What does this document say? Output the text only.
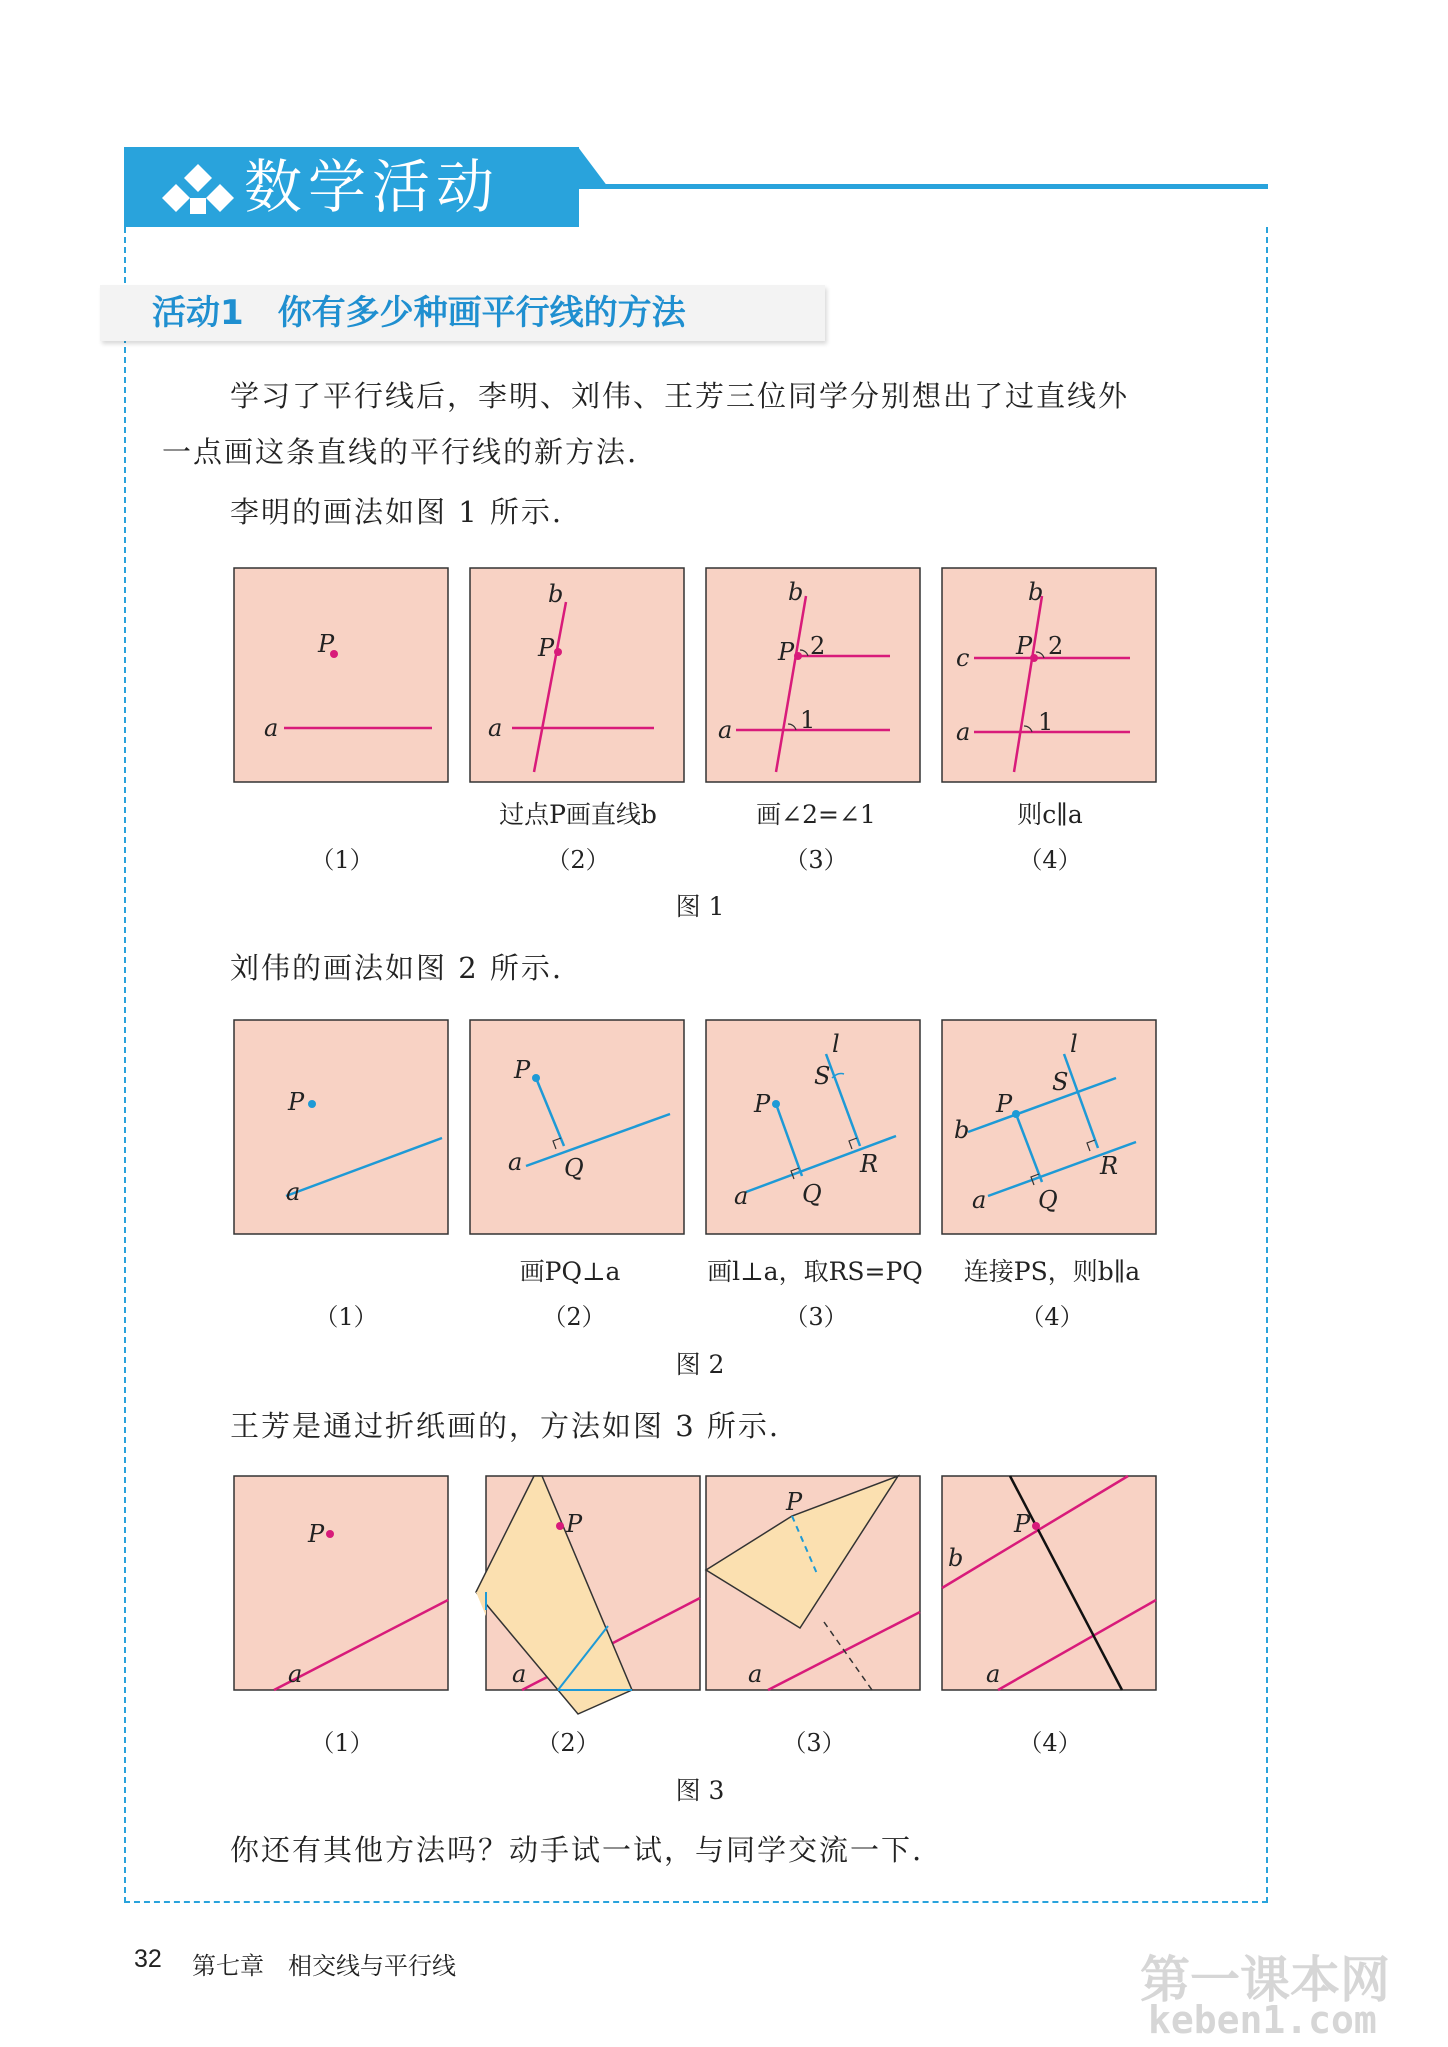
数学活动
活动1　你有多少种画平行线的方法
学习了平行线后，李明、刘伟、王芳三位同学分别想出了过直线外
一点画这条直线的平行线的新方法.
李明的画法如图 1 所示.
P
a
P
b
a
P
b
a	1
2	P
b
c
a	1
2
过点P画直线b	画∠2=∠1	则c∥a
（1）	（2）	（3）	（4）
图 1
刘伟的画法如图 2 所示.
P
a
P
Q
a
P
S
l
R
Q
a
P
S
l
R
Q
b
a
画PQ⊥a	画l⊥a，取RS=PQ	连接PS，则b∥a
（1）	（2）	（3）	（4）
图 2
王芳是通过折纸画的，方法如图 3 所示.
P
a
P
a
P
a
P
b
a
（1）	（2）	（3）	（4）
图 3
你还有其他方法吗？动手试一试，与同学交流一下.
32 第七章　相交线与平行线	第一课本网
keben1.com
